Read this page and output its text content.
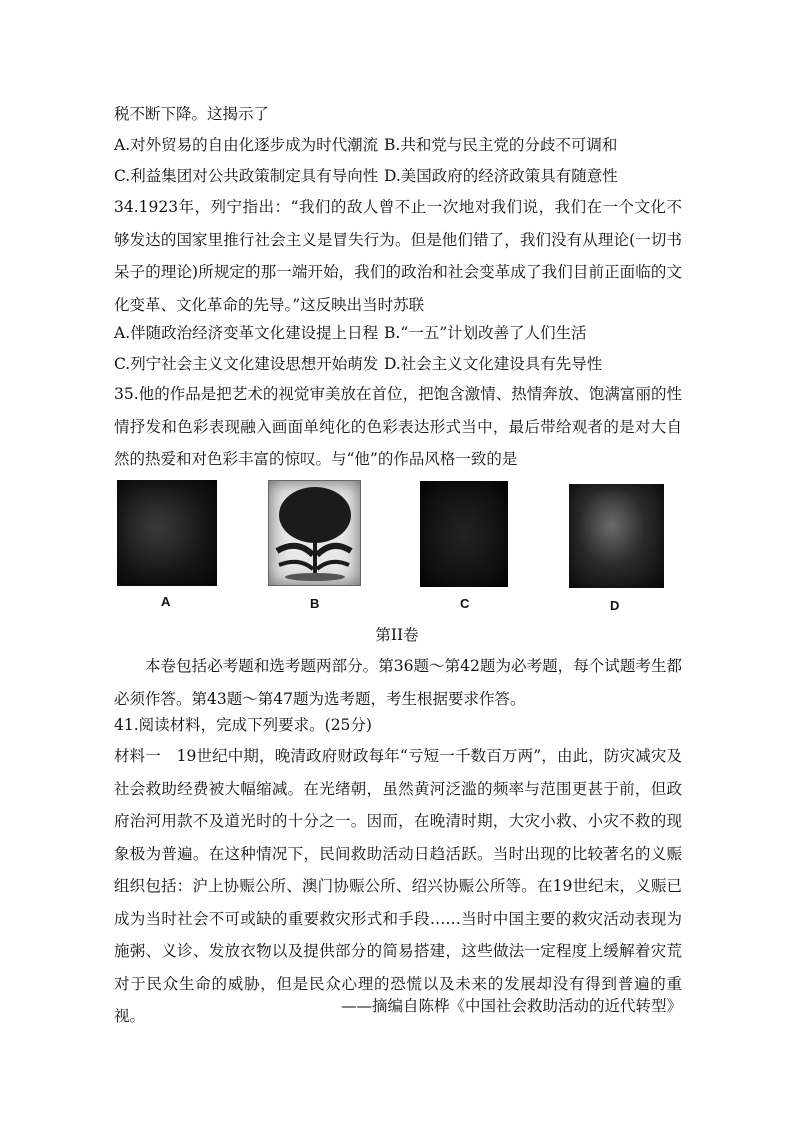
税不断下降。这揭示了
A.对外贸易的自由化逐步成为时代潮流 B.共和党与民主党的分歧不可调和
C.利益集团对公共政策制定具有导向性 D.美国政府的经济政策具有随意性
34.1923年，列宁指出：“我们的敌人曾不止一次地对我们说，我们在一个文化不够发达的国家里推行社会主义是冒失行为。但是他们错了，我们没有从理论(一切书呆子的理论)所规定的那一端开始，我们的政治和社会变革成了我们目前正面临的文化变革、文化革命的先导。”这反映出当时苏联
A.伴随政治经济变革文化建设提上日程 B.“一五”计划改善了人们生活
C.列宁社会主义文化建设思想开始萌发 D.社会主义文化建设具有先导性
35.他的作品是把艺术的视觉审美放在首位，把饱含激情、热情奔放、饱满富丽的性情抒发和色彩表现融入画面单纯化的色彩表达形式当中，最后带给观者的是对大自然的热爱和对色彩丰富的惊叹。与“他”的作品风格一致的是
A	B	C	D
第II卷
本卷包括必考题和选考题两部分。第36题～第42题为必考题，每个试题考生都必须作答。第43题～第47题为选考题，考生根据要求作答。
41.阅读材料，完成下列要求。(25分)
材料一　19世纪中期，晚清政府财政每年“亏短一千数百万两”，由此，防灾减灾及社会救助经费被大幅缩减。在光绪朝，虽然黄河泛滥的频率与范围更甚于前，但政府治河用款不及道光时的十分之一。因而，在晚清时期，大灾小救、小灾不救的现象极为普遍。在这种情况下，民间救助活动日趋活跃。当时出现的比较著名的义赈组织包括：沪上协赈公所、澳门协赈公所、绍兴协赈公所等。在19世纪末，义赈已成为当时社会不可或缺的重要救灾形式和手段……当时中国主要的救灾活动表现为施粥、义诊、发放衣物以及提供部分的简易搭建，这些做法一定程度上缓解着灾荒对于民众生命的威胁，但是民众心理的恐慌以及未来的发展却没有得到普遍的重视。
——摘编自陈桦《中国社会救助活动的近代转型》
